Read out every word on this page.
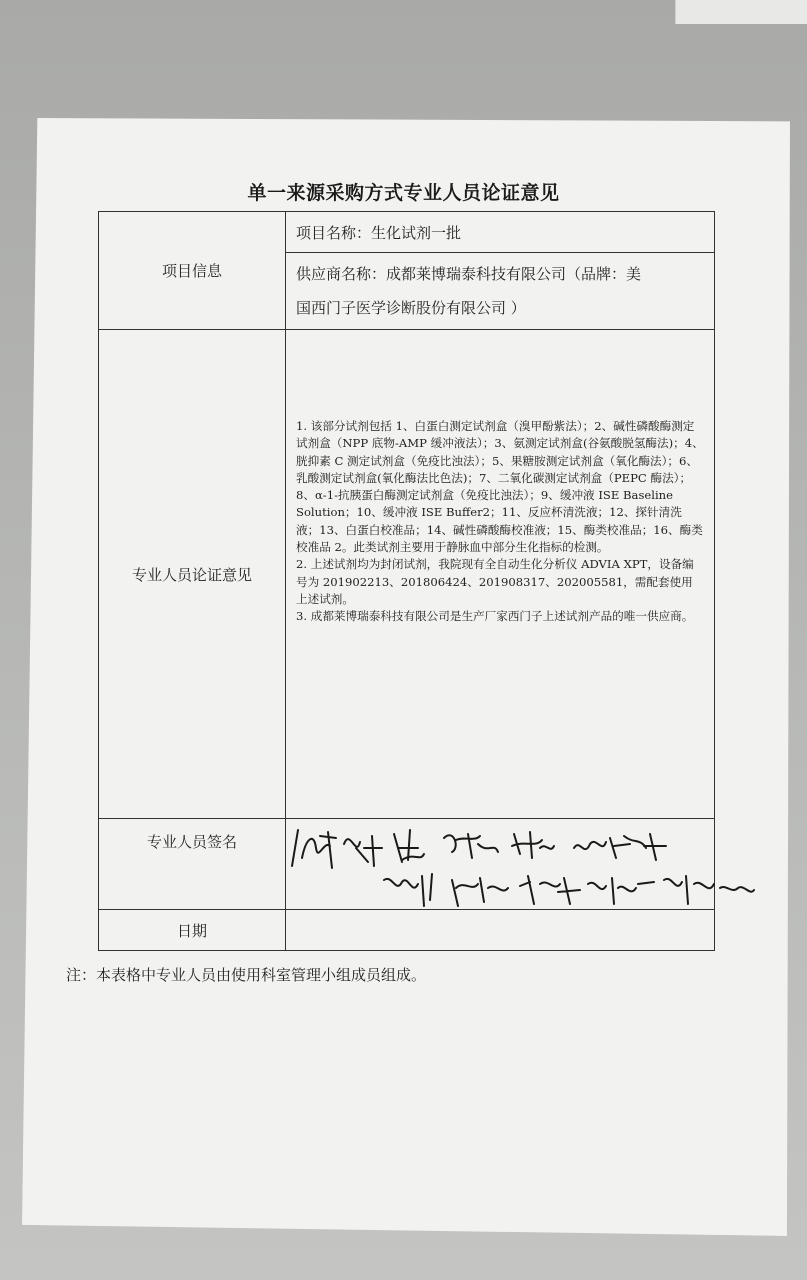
单一来源采购方式专业人员论证意见
项目信息	项目名称：生化试剂一批

	供应商名称：成都莱博瑞泰科技有限公司（品牌：美
国西门子医学诊断股份有限公司 ）

专业人员论证意见	1. 该部分试剂包括 1、白蛋白测定试剂盒（溴甲酚紫法）；2、碱性磷酸酶测定试剂盒（NPP 底物-AMP 缓冲液法）；3、氨测定试剂盒(谷氨酸脱氢酶法)；4、胱抑素 C 测定试剂盒（免疫比浊法）；5、果糖胺测定试剂盒（氧化酶法）；6、乳酸测定试剂盒(氧化酶法比色法)；7、二氧化碳测定试剂盒（PEPC 酶法）；8、α-1-抗胰蛋白酶测定试剂盒（免疫比浊法）；9、缓冲液 ISE Baseline Solution；10、缓冲液 ISE Buffer2；11、反应杯清洗液；12、探针清洗液；13、白蛋白校准品；14、碱性磷酸酶校准液；15、酶类校准品；16、酶类校准品 2。此类试剂主要用于静脉血中部分生化指标的检测。

2. 上述试剂均为封闭试剂，我院现有全自动生化分析仪 ADVIA XPT，设备编号为 201902213、201806424、201908317、202005581，需配套使用上述试剂。

3. 成都莱博瑞泰科技有限公司是生产厂家西门子上述试剂产品的唯一供应商。

专业人员签名	
日期	
注：本表格中专业人员由使用科室管理小组成员组成。
